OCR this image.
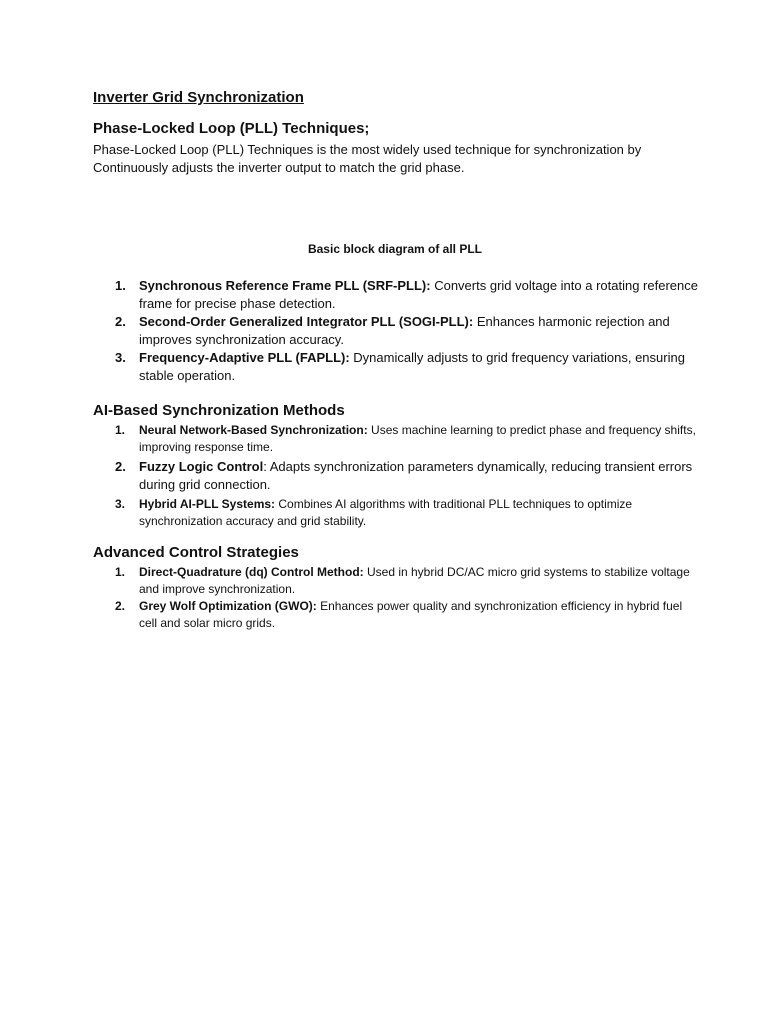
Inverter Grid Synchronization
Phase-Locked Loop (PLL) Techniques;

Phase-Locked Loop (PLL) Techniques is the most widely used technique for synchronization by Continuously adjusts the inverter output to match the grid phase.

Basic block diagram of all PLL

1. Synchronous Reference Frame PLL (SRF-PLL): Converts grid voltage into a rotating reference frame for precise phase detection.
2. Second-Order Generalized Integrator PLL (SOGI-PLL): Enhances harmonic rejection and improves synchronization accuracy.
3. Frequency-Adaptive PLL (FAPLL): Dynamically adjusts to grid frequency variations, ensuring stable operation.
AI-Based Synchronization Methods
1. Neural Network-Based Synchronization: Uses machine learning to predict phase and frequency shifts, improving response time.
2. Fuzzy Logic Control: Adapts synchronization parameters dynamically, reducing transient errors during grid connection.
3. Hybrid AI-PLL Systems: Combines AI algorithms with traditional PLL techniques to optimize synchronization accuracy and grid stability.
Advanced Control Strategies
1. Direct-Quadrature (dq) Control Method: Used in hybrid DC/AC micro grid systems to stabilize voltage and improve synchronization.
2. Grey Wolf Optimization (GWO): Enhances power quality and synchronization efficiency in hybrid fuel cell and solar micro grids.
